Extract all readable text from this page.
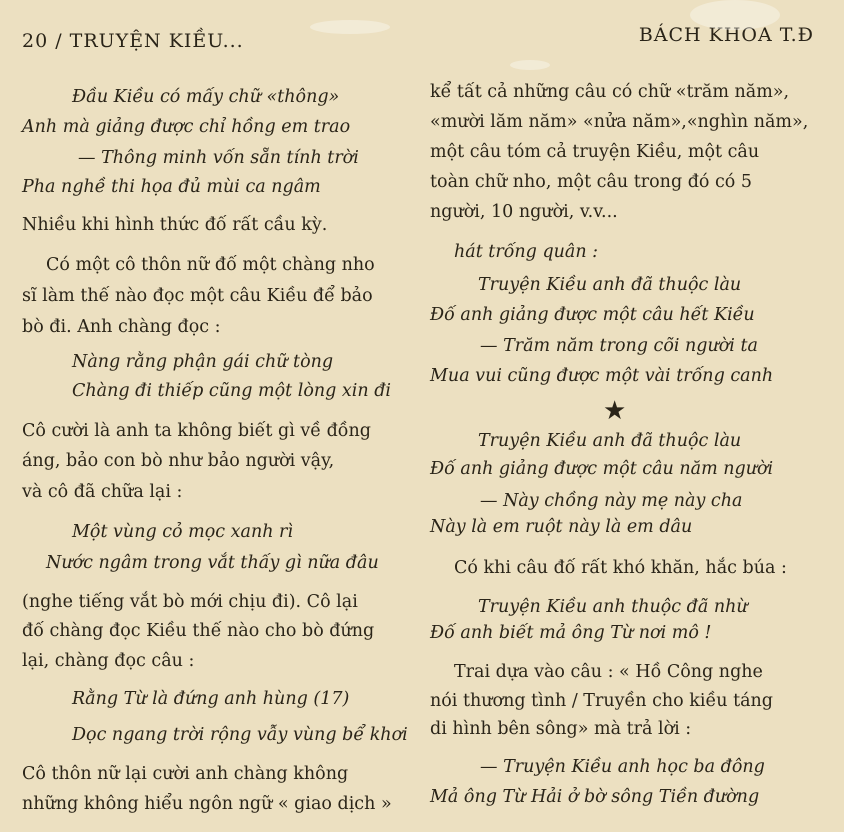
20 / TRUYỆN KIỀU...	BÁCH KHOA T.Đ
Đầu Kiều có mấy chữ «thông»
Anh mà giảng được chỉ hồng em trao
— Thông minh vốn sẵn tính trời
Pha nghề thi họa đủ mùi ca ngâm
Nhiều khi hình thức đố rất cầu kỳ.
Có một cô thôn nữ đố một chàng nho
sĩ làm thế nào đọc một câu Kiều để bảo
bò đi. Anh chàng đọc :
Nàng rằng phận gái chữ tòng
Chàng đi thiếp cũng một lòng xin đi
Cô cười là anh ta không biết gì về đồng
áng, bảo con bò như bảo người vậy,
và cô đã chữa lại :
Một vùng cỏ mọc xanh rì
Nước ngâm trong vắt thấy gì nữa đâu
(nghe tiếng vắt bò mới chịu đi). Cô lại
đố chàng đọc Kiều thế nào cho bò đứng
lại, chàng đọc câu :
Rằng Từ là đứng anh hùng (17)
Dọc ngang trời rộng vẫy vùng bể khơi
Cô thôn nữ lại cười anh chàng không
những không hiểu ngôn ngữ « giao dịch »
kể tất cả những câu có chữ «trăm năm»,
«mười lăm năm» «nửa năm»,«nghìn năm»,
một câu tóm cả truyện Kiều, một câu
toàn chữ nho, một câu trong đó có 5
người, 10 người, v.v...
hát trống quân :
Truyện Kiều anh đã thuộc làu
Đố anh giảng được một câu hết Kiều
— Trăm năm trong cõi người ta
Mua vui cũng được một vài trống canh
★
Truyện Kiều anh đã thuộc làu
Đố anh giảng được một câu năm người
— Này chồng này mẹ này cha
Này là em ruột này là em dâu
Có khi câu đố rất khó khăn, hắc búa :
Truyện Kiều anh thuộc đã nhừ
Đố anh biết mả ông Từ nơi mô !
Trai dựa vào câu : « Hồ Công nghe
nói thương tình / Truyền cho kiều táng
di hình bên sông» mà trả lời :
— Truyện Kiều anh học ba đông
Mả ông Từ Hải ở bờ sông Tiền đường
